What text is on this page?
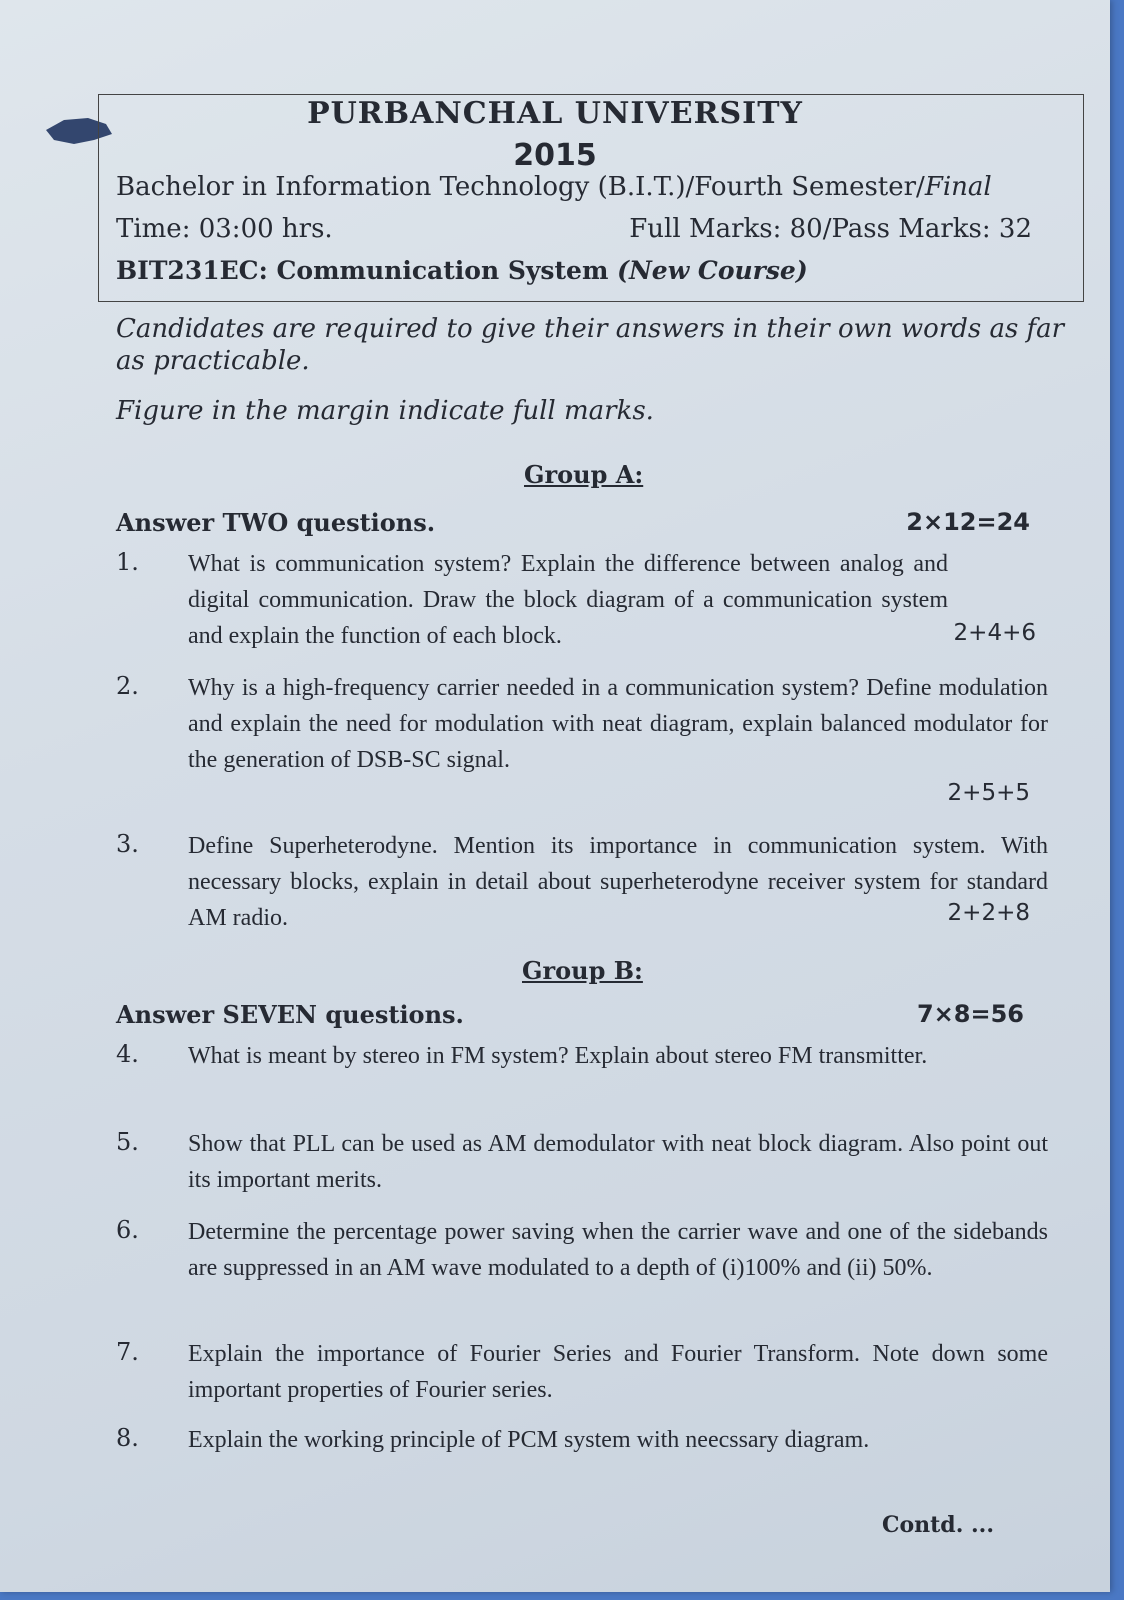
PURBANCHAL UNIVERSITY
2015
Bachelor in Information Technology (B.I.T.)/Fourth Semester/Final
Time: 03:00 hrs.	Full Marks: 80/Pass Marks: 32
BIT231EC: Communication System (New Course)
Candidates are required to give their answers in their own words as far
as practicable.
Figure in the margin indicate full marks.
Group A:
Answer TWO questions.	2×12=24
1. What is communication system? Explain the difference between analog and digital communication. Draw the block diagram of a communication system and explain the function of each block.	2+4+6
2. Why is a high-frequency carrier needed in a communication system? Define modulation and explain the need for modulation with neat diagram, explain balanced modulator for the generation of DSB-SC signal.
2+5+5
3. Define Superheterodyne. Mention its importance in communication system. With necessary blocks, explain in detail about superheterodyne receiver system for standard AM radio.	2+2+8
Group B:
Answer SEVEN questions.	7×8=56
4. What is meant by stereo in FM system? Explain about stereo FM transmitter.
5. Show that PLL can be used as AM demodulator with neat block diagram. Also point out its important merits.
6. Determine the percentage power saving when the carrier wave and one of the sidebands are suppressed in an AM wave modulated to a depth of (i)100% and (ii) 50%.
7. Explain the importance of Fourier Series and Fourier Transform. Note down some important properties of Fourier series.
8. Explain the working principle of PCM system with neecssary diagram.
Contd. ...
